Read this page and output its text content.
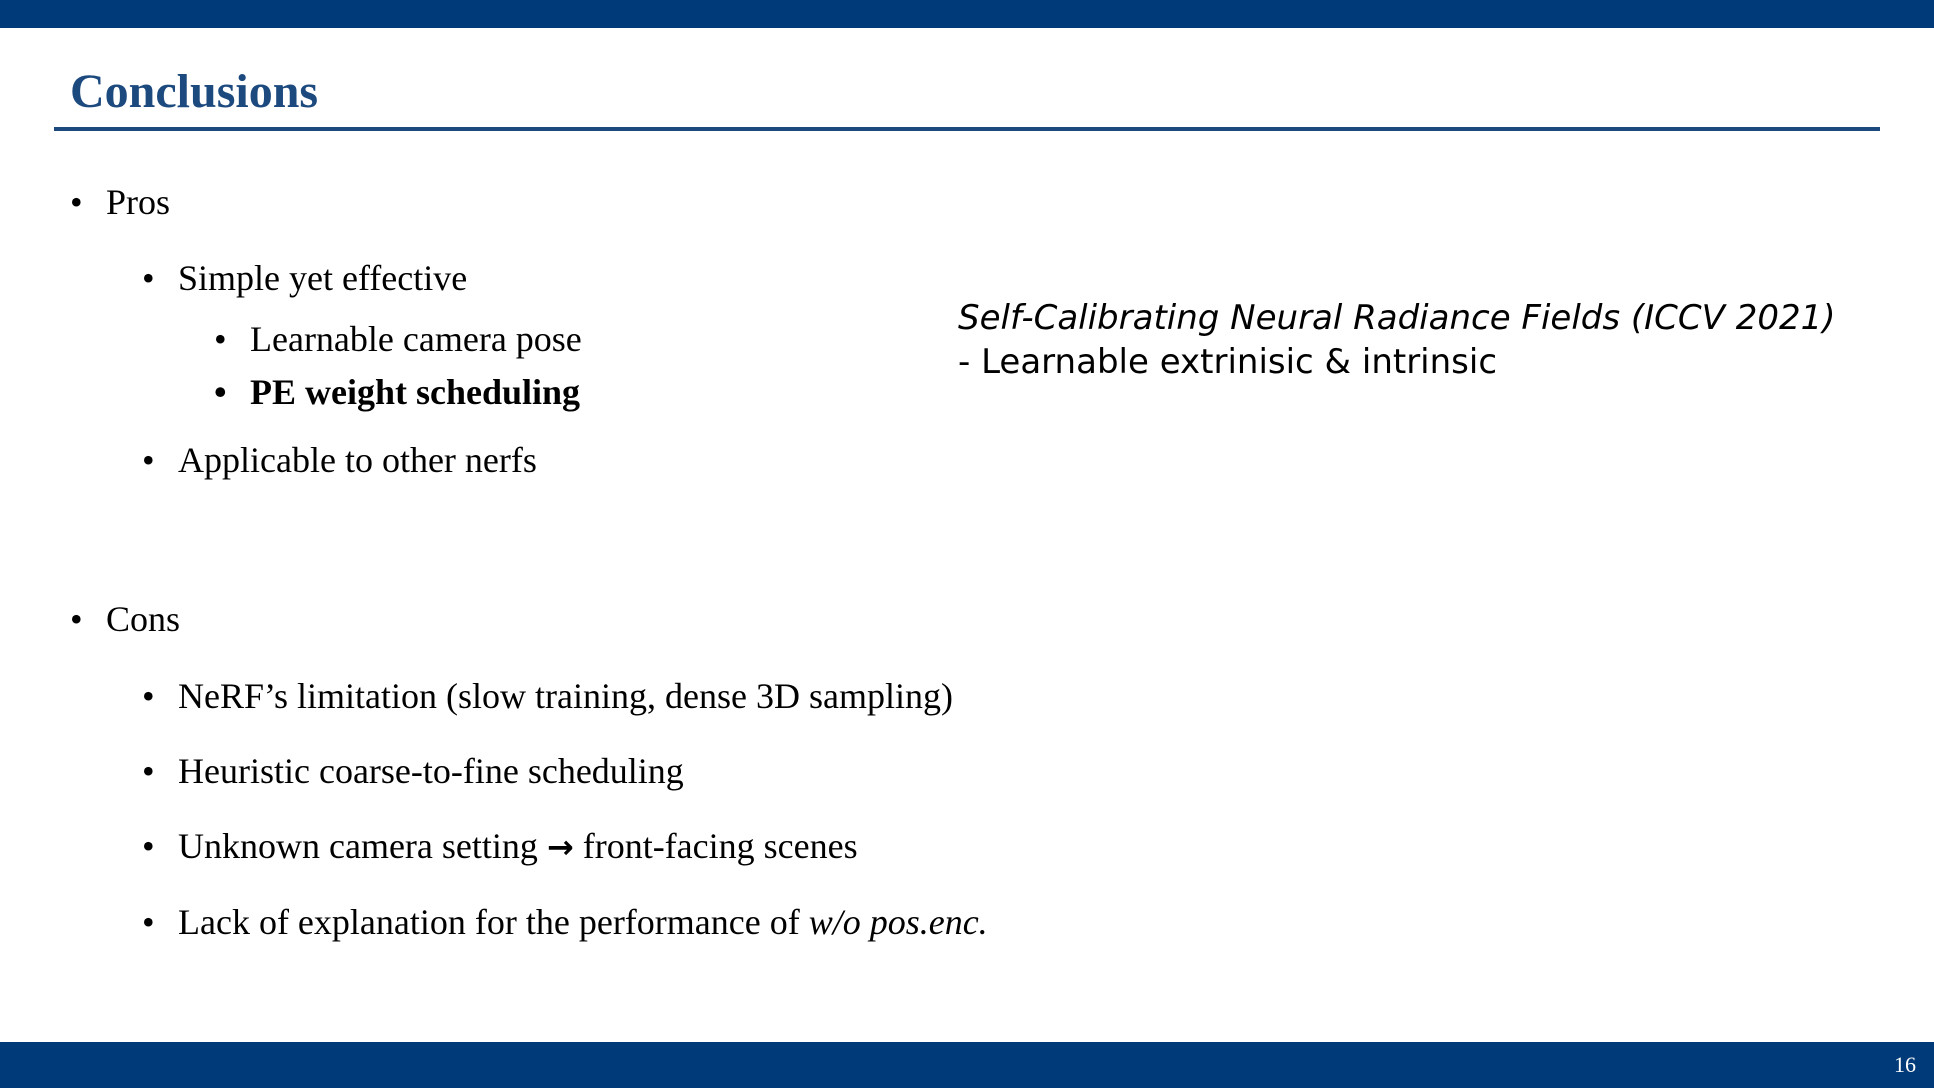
Conclusions
• Pros
• Simple yet effective
• Learnable camera pose
• PE weight scheduling
• Applicable to other nerfs
• Cons
• NeRF’s limitation (slow training, dense 3D sampling)
• Heuristic coarse-to-fine scheduling
• Unknown camera setting → front-facing scenes
• Lack of explanation for the performance of w/o pos.enc.
Self-Calibrating Neural Radiance Fields (ICCV 2021)
- Learnable extrinisic & intrinsic
16
